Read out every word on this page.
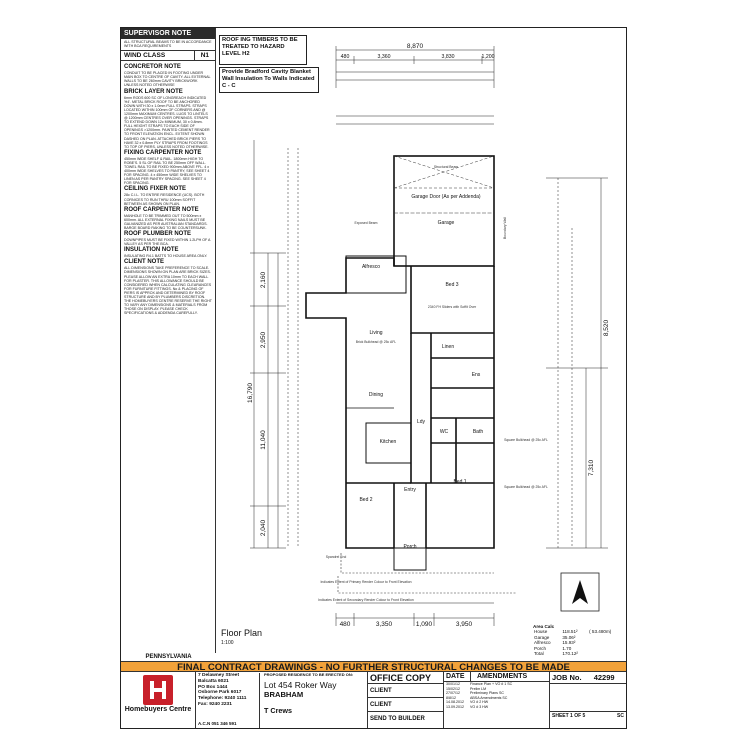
SUPERVISOR NOTE
ALL STRUCTURAL BEAMS TO BE IN ACCORDANCE WITH BCA REQUIREMENTS
WIND CLASS	N1
CONCRETOR NOTE
CONDUIT TO BE PLACED IN FOOTING UNDER MAIN BOX TO CENTRE OF CAVITY. ALL EXTERNAL WALLS TO BE 260mm CAVITY BRICKWORK UNLESS NOTED OTHERWISE
BRICK LAYER NOTE
6mm RODS 600 SC OF LONGREACH INDICATED 'H4'. METAL BRICK ROOF TO BE ANCHORED DOWN WITH 30 x 1.0mm FULL STRAPS. STRAPS LOCATED WITHIN 100mm OF CORNERS AND @ 1200mm MAXIMUM CENTRES. LUGS TO LINTELS @ 1200mm CENTRES OVER OPENINGS. STRAPS TO EXTEND DOWN 12c MINIMUM, 30 x 0.8mm. FULL HEIGHT STRAPS TO EACH SIDE OF OPENINGS >1200mm. PAINTED CEMENT RENDER TO FRONT ELEVATION ENCL. EXTENT SHOWN DASHED ON PLAN. ATTACHED BRICK PIERS TO HAVE 32 x 0.8mm PLY STRAPS FROM FOOTINGS TO TOP OF PIERS, UNLESS NOTED OTHERWISE.
FIXING CARPENTER NOTE
450mm WIDE SHELF & RAIL. 1800mm HIGH TO ROBE'S. 5 SL OF RAIL TO BE 250mm OFF WALL. TOWEL RAIL TO BE FIXED 900mm ABOVE FFL. 4 x 400mm WIDE SHELVES TO PANTRY, SEE SHEET 4 FOR SPACING. 4 x 450mm WIDE SHELVES TO LINEN AS PER PANTRY SPACING. SEE SHEET 4 FOR SPACING.
CEILING FIXER NOTE
28c C.I.L. TO ENTIRE RESIDENCE (UCS). BOTH CORNICES TO RUN THRU 100mm SOFFIT BETWEEN AS SHOWN ON PLAN.
ROOF CARPENTER NOTE
MANHOLE TO BE TRIMMED OUT TO 500mm x 600mm. ALL EXTERNAL FIXING NAILS MUST BE GALVANIZED AS PER AUSTRALIAN STANDARDS. BARGE BOARD RAKING TO BE COUNTERSUNK.
ROOF PLUMBER NOTE
DOWNPIPES MUST BE FIXED WITHIN 1.2LPH OF A VALLEY AS PER THE BCA.
INSULATION NOTE
INSULATING R4.1 BATTS TO HOUSE AREA ONLY.
CLIENT NOTE
ALL DIMENSIONS TAKE PREFERENCE TO SCALE. DIMENSIONS SHOWN ON PLAN ARE BRICK SIZES. PLEASE ALLOW AN EXTRA 10mm TO EACH WALL FOR PLASTER. THIS ALLOWANCE SHOULD BE CONSIDERED WHEN CALCULATING CLEARANCES FOR FURNITURE FITTINGS. No & PLACING OF PIERS IS APPROX AND DETERMINED BY ROOF STRUCTURE AND BY PLUMBERS DISCRETION. THE HOMEBUYERS CENTRE RESERVE THE RIGHT TO VARY ANY DIMENSIONS & MATERIALS FROM THOSE ON DISPLAY. PLEASE CHECK SPECIFICATIONS & ADDENDA CAREFULLY.
ROOF ING TIMBERS TO BE TREATED TO HAZARD LEVEL H2
Provide Bradford Cavity Blanket Wall Insulation To Walls Indicated C - C
8,870
480	3,360	3,830	1,200
16,790
2,160
2,950
11,040
2,040
8,520
7,310
480	3,350	1,090	3,950
Garage Door (As per Addenda)
Garage
Alfresco
Bed 3
Living
Dining
Kitchen
Bed 2
Entry
Bed 1
Porch
Linen
Ens
WC
Ldy
Bath
Exposed Beam
Structural Beam
Brick Bulkhead @ 25c AFL
2340 FH Sliders with Soffit Over
Square Bulkhead @ 25c AFL
Square Bulkhead @ 25c AFL
Indicates Extent of Primary Render Colour to Front Elevation
Indicates Extent of Secondary Render Colour to Front Elevation
Boundary Wall
Spandrel End
Floor Plan
1:100
Area Calc
House	118.51²	( 53.480m)
Garage	35.06²	
Alfresco	15.93²	
Porch	1.70	
Total	170.12²	
PENNSYLVANIA
FINAL CONTRACT DRAWINGS - NO FURTHER STRUCTURAL CHANGES TO BE MADE
Homebuyers Centre
7 Delawney Street
Balcatta 6021
PO Box 1444
Osborne Park 6017
Telephone: 9240 1111
Fax: 9240 2231
A.C.N 051 346 591
PROPOSED RESIDENCE TO BE ERECTED ON:
Lot 454 Roker Way
BRABHAM
T Crews
OFFICE COPY
CLIENT
CLIENT
SEND TO BUILDER
DATE	AMENDMENTS
30/01/12	Finance Plan + VO # 1 SC
15/02/12	Prelim LM
27/07/12	Preliminary Plans SC
8/8/12	ABSA Amendments SC
14.08.2012	VO # 2 HW
13.09.2012	VO # 3 HW
JOB No. 42299
SHEET 1 OF 5	SC
